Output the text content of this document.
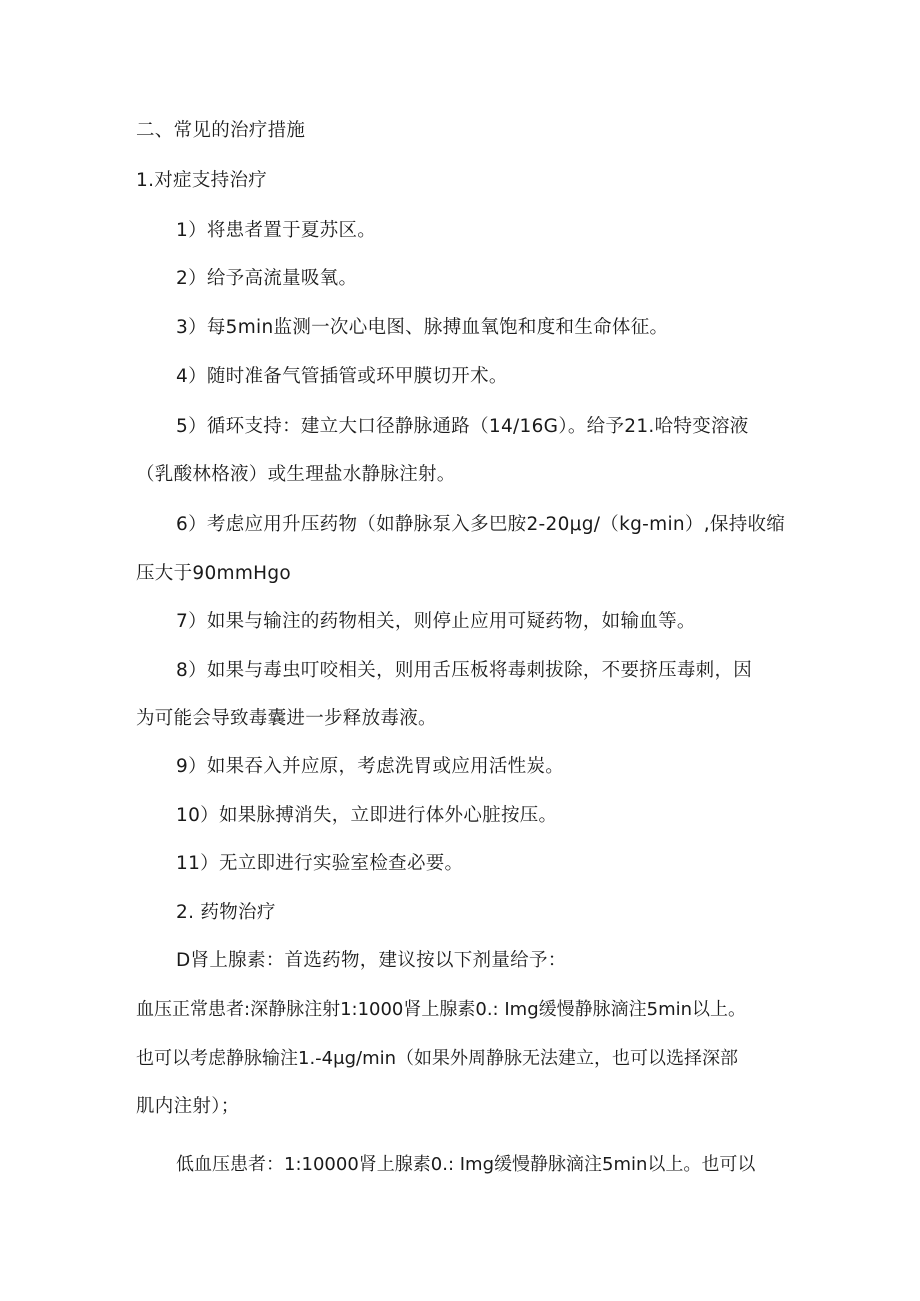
二、常见的治疗措施
1.对症支持治疗
1）将患者置于夏苏区。
2）给予高流量吸氧。
3）每5min监测一次心电图、脉搏血氧饱和度和生命体征。
4）随时准备气管插管或环甲膜切开术。
5）循环支持：建立大口径静脉通路（14/16G）。给予21.哈特变溶液
（乳酸林格液）或生理盐水静脉注射。
6）考虑应用升压药物（如静脉泵入多巴胺2-20μg/（kg-min）,保持收缩
压大于90mmHgo
7）如果与输注的药物相关，则停止应用可疑药物，如输血等。
8）如果与毒虫叮咬相关，则用舌压板将毒刺拔除，不要挤压毒刺，因
为可能会导致毒囊进一步释放毒液。
9）如果吞入并应原，考虑洗胃或应用活性炭。
10）如果脉搏消失，立即进行体外心脏按压。
11）无立即进行实验室检查必要。
2. 药物治疗
D肾上腺素：首选药物，建议按以下剂量给予：
血压正常患者:深静脉注射1:1000肾上腺素0.: Img缓慢静脉滴注5min以上。
也可以考虑静脉输注1.-4μg/min（如果外周静脉无法建立，也可以选择深部
肌内注射）；
低血压患者：1:10000肾上腺素0.: Img缓慢静脉滴注5min以上。也可以
